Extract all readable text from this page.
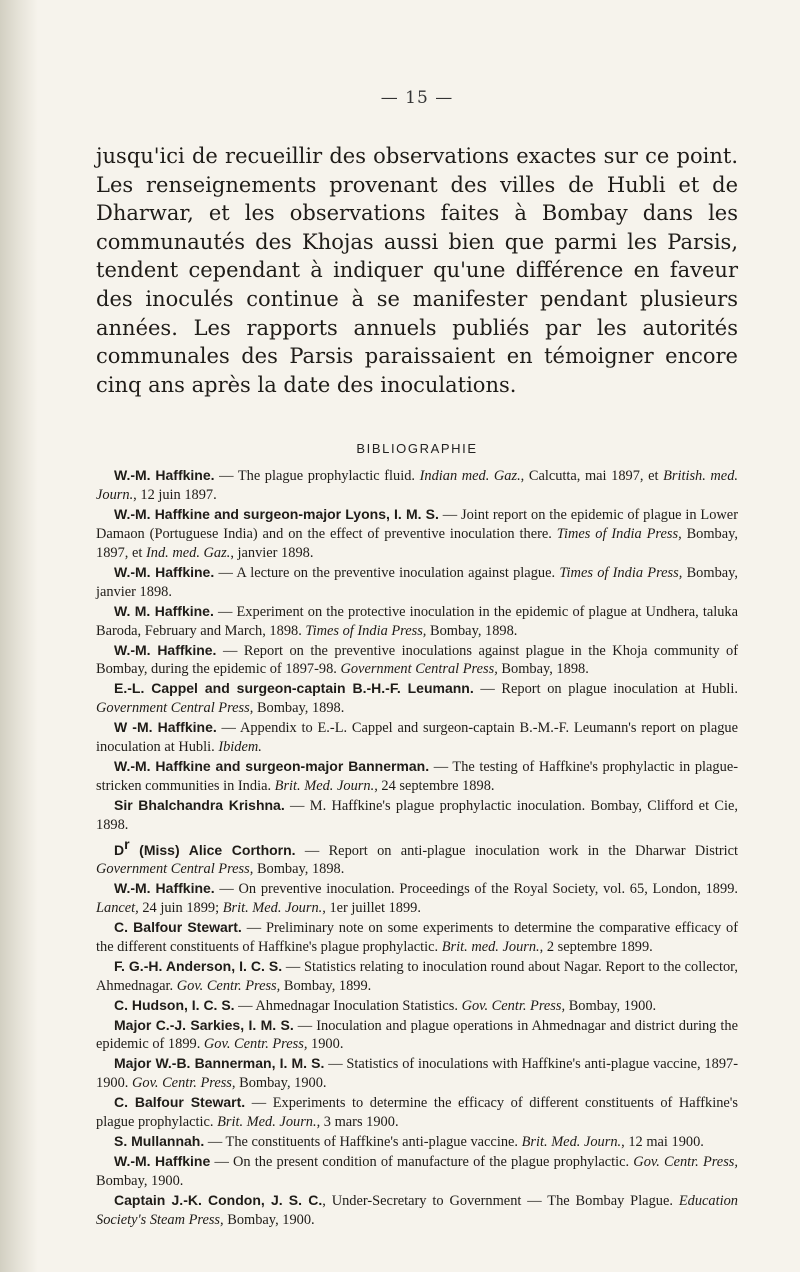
— 15 —

jusqu'ici de recueillir des observations exactes sur ce point. Les renseignements provenant des villes de Hubli et de Dharwar, et les observations faites à Bombay dans les communautés des Khojas aussi bien que parmi les Parsis, tendent cependant à indiquer qu'une différence en faveur des inoculés continue à se manifester pendant plusieurs années. Les rapports annuels publiés par les autorités communales des Parsis paraissaient en témoigner encore cinq ans après la date des inoculations.

BIBLIOGRAPHIE

W.-M. Haffkine. — The plague prophylactic fluid. Indian med. Gaz., Calcutta, mai 1897, et British. med. Journ., 12 juin 1897.

W.-M. Haffkine and surgeon-major Lyons, I. M. S. — Joint report on the epidemic of plague in Lower Damaon (Portuguese India) and on the effect of preventive inoculation there. Times of India Press, Bombay, 1897, et Ind. med. Gaz., janvier 1898.

W.-M. Haffkine. — A lecture on the preventive inoculation against plague. Times of India Press, Bombay, janvier 1898.

W. M. Haffkine. — Experiment on the protective inoculation in the epidemic of plague at Undhera, taluka Baroda, February and March, 1898. Times of India Press, Bombay, 1898.

W.-M. Haffkine. — Report on the preventive inoculations against plague in the Khoja community of Bombay, during the epidemic of 1897-98. Government Central Press, Bombay, 1898.

E.-L. Cappel and surgeon-captain B.-H.-F. Leumann. — Report on plague inoculation at Hubli. Government Central Press, Bombay, 1898.

W -M. Haffkine. — Appendix to E.-L. Cappel and surgeon-captain B.-M.-F. Leumann's report on plague inoculation at Hubli. Ibidem.

W.-M. Haffkine and surgeon-major Bannerman. — The testing of Haffkine's prophylactic in plague-stricken communities in India. Brit. Med. Journ., 24 septembre 1898.

Sir Bhalchandra Krishna. — M. Haffkine's plague prophylactic inoculation. Bombay, Clifford et Cie, 1898.

$D^r$ (Miss) Alice Corthorn. — Report on anti-plague inoculation work in the Dharwar District Government Central Press, Bombay, 1898.

W.-M. Haffkine. — On preventive inoculation. Proceedings of the Royal Society, vol. 65, London, 1899. Lancet, 24 juin 1899; Brit. Med. Journ., 1er juillet 1899.

C. Balfour Stewart. — Preliminary note on some experiments to determine the comparative efficacy of the different constituents of Haffkine's plague prophylactic. Brit. med. Journ., 2 septembre 1899.

F. G.-H. Anderson, I. C. S. — Statistics relating to inoculation round about Nagar. Report to the collector, Ahmednagar. Gov. Centr. Press, Bombay, 1899.

C. Hudson, I. C. S. — Ahmednagar Inoculation Statistics. Gov. Centr. Press, Bombay, 1900.

Major C.-J. Sarkies, I. M. S. — Inoculation and plague operations in Ahmednagar and district during the epidemic of 1899. Gov. Centr. Press, 1900.

Major W.-B. Bannerman, I. M. S. — Statistics of inoculations with Haffkine's anti-plague vaccine, 1897-1900. Gov. Centr. Press, Bombay, 1900.

C. Balfour Stewart. — Experiments to determine the efficacy of different constituents of Haffkine's plague prophylactic. Brit. Med. Journ., 3 mars 1900.

S. Mullannah. — The constituents of Haffkine's anti-plague vaccine. Brit. Med. Journ., 12 mai 1900.

W.-M. Haffkine — On the present condition of manufacture of the plague prophylactic. Gov. Centr. Press, Bombay, 1900.

Captain J.-K. Condon, J. S. C., Under-Secretary to Government — The Bombay Plague. Education Society's Steam Press, Bombay, 1900.
